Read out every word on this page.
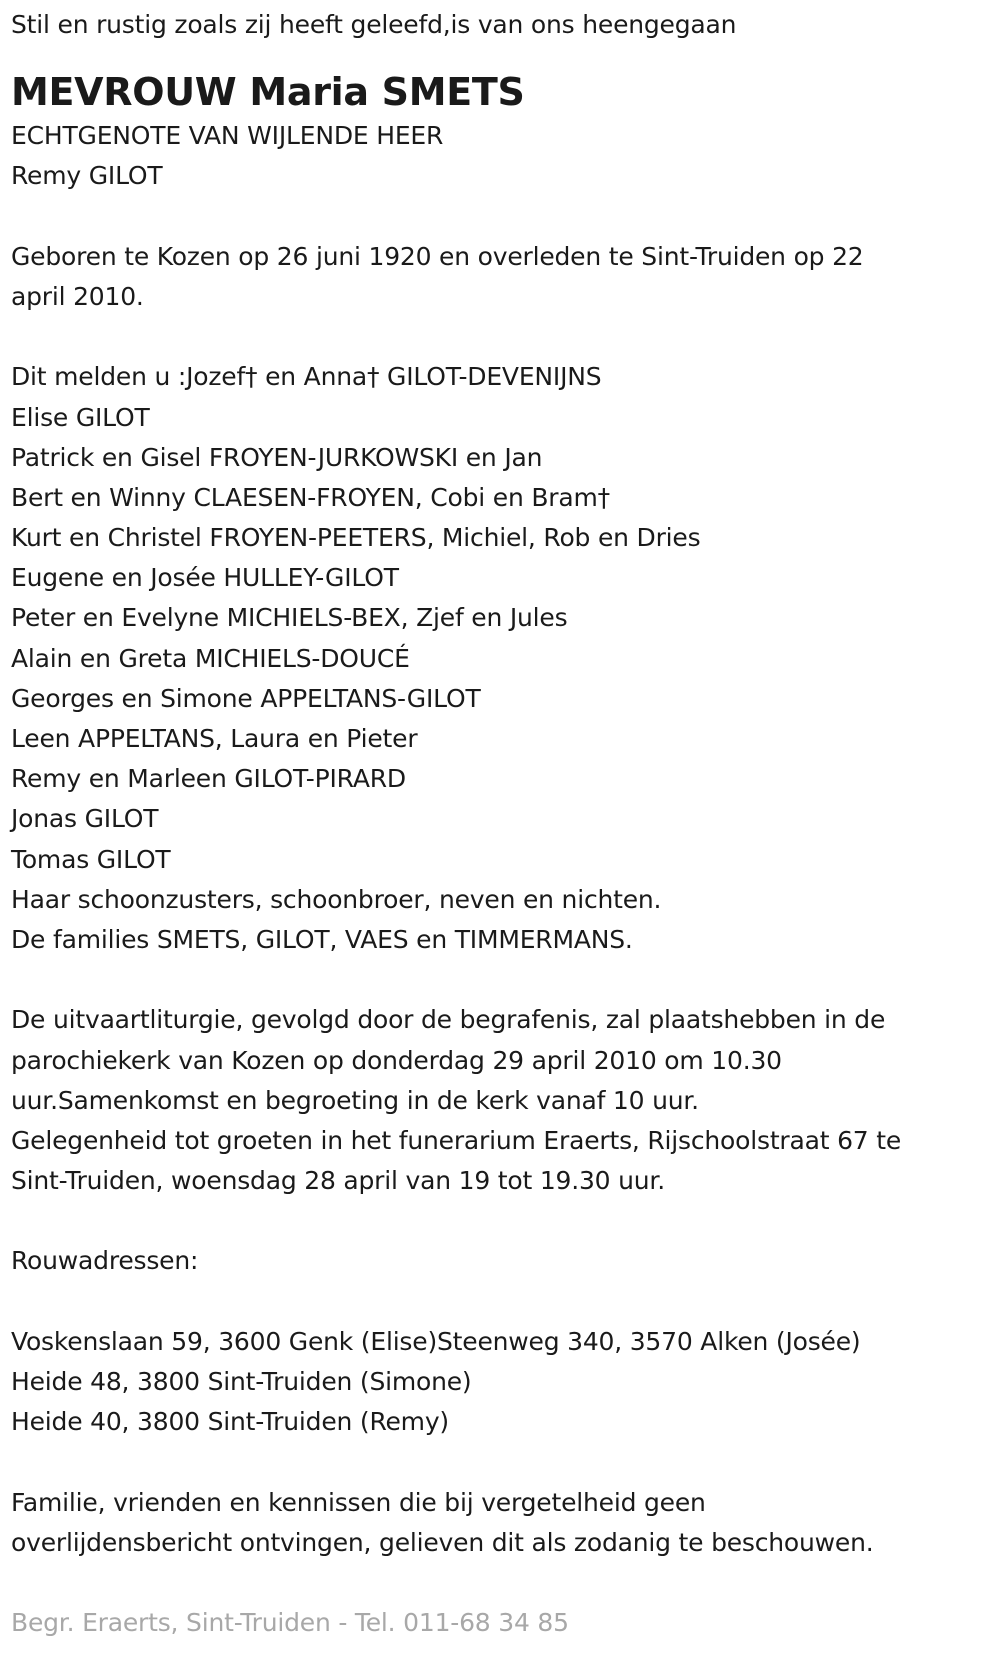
Stil en rustig zoals zij heeft geleefd,is van ons heengegaan
MEVROUW Maria SMETS
ECHTGENOTE VAN WIJLENDE HEER
Remy GILOT
Geboren te Kozen op 26 juni 1920 en overleden te Sint-Truiden op 22
april 2010.
Dit melden u :Jozef† en Anna† GILOT-DEVENIJNS
Elise GILOT
Patrick en Gisel FROYEN-JURKOWSKI en Jan
Bert en Winny CLAESEN-FROYEN, Cobi en Bram†
Kurt en Christel FROYEN-PEETERS, Michiel, Rob en Dries
Eugene en Josée HULLEY-GILOT
Peter en Evelyne MICHIELS-BEX, Zjef en Jules
Alain en Greta MICHIELS-DOUCÉ
Georges en Simone APPELTANS-GILOT
Leen APPELTANS, Laura en Pieter
Remy en Marleen GILOT-PIRARD
Jonas GILOT
Tomas GILOT
Haar schoonzusters, schoonbroer, neven en nichten.
De families SMETS, GILOT, VAES en TIMMERMANS.
De uitvaartliturgie, gevolgd door de begrafenis, zal plaatshebben in de
parochiekerk van Kozen op donderdag 29 april 2010 om 10.30
uur.Samenkomst en begroeting in de kerk vanaf 10 uur.
Gelegenheid tot groeten in het funerarium Eraerts, Rijschoolstraat 67 te
Sint-Truiden, woensdag 28 april van 19 tot 19.30 uur.
Rouwadressen:
Voskenslaan 59, 3600 Genk (Elise)Steenweg 340, 3570 Alken (Josée)
Heide 48, 3800 Sint-Truiden (Simone)
Heide 40, 3800 Sint-Truiden (Remy)
Familie, vrienden en kennissen die bij vergetelheid geen
overlijdensbericht ontvingen, gelieven dit als zodanig te beschouwen.
Begr. Eraerts, Sint-Truiden - Tel. 011-68 34 85
